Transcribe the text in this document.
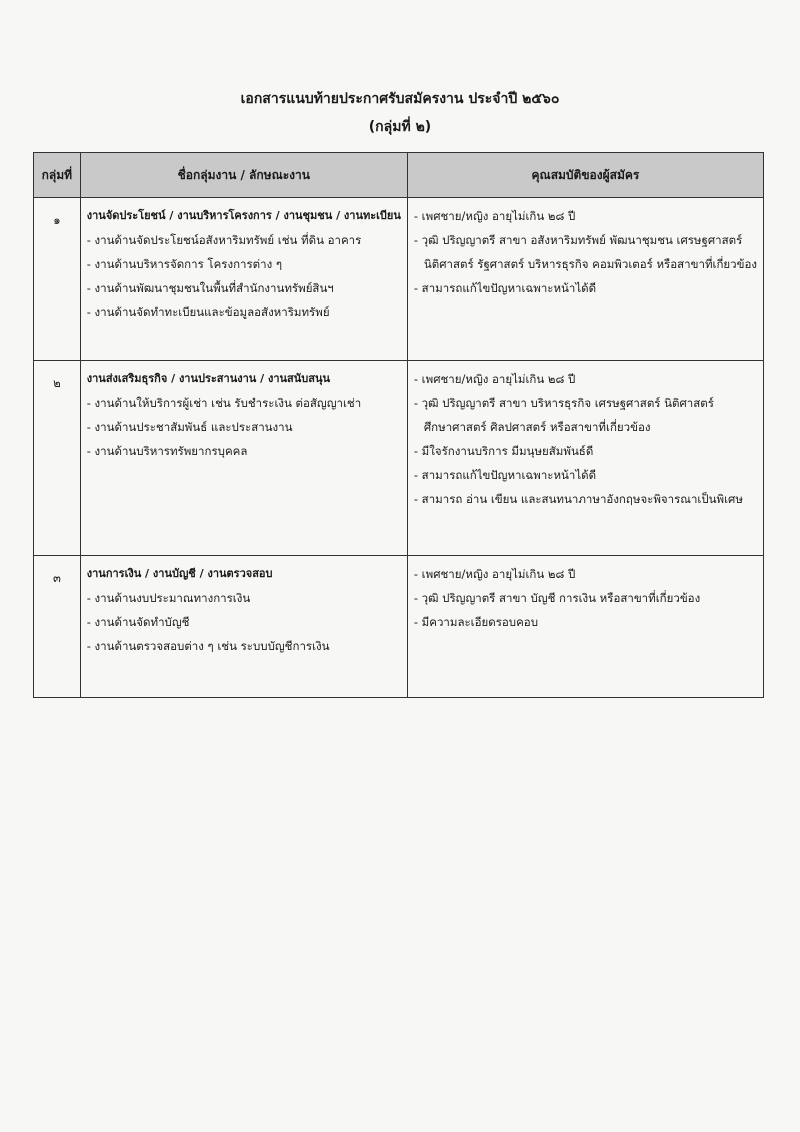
เอกสารแนบท้ายประกาศรับสมัครงาน ประจำปี ๒๕๖๐
(กลุ่มที่ ๒)
กลุ่มที่	ชื่อกลุ่มงาน / ลักษณะงาน	คุณสมบัติของผู้สมัคร

๑	งานจัดประโยชน์ / งานบริหารโครงการ / งานชุมชน / งานทะเบียน
- งานด้านจัดประโยชน์อสังหาริมทรัพย์ เช่น ที่ดิน อาคาร
- งานด้านบริหารจัดการ โครงการต่าง ๆ
- งานด้านพัฒนาชุมชนในพื้นที่สำนักงานทรัพย์สินฯ
- งานด้านจัดทำทะเบียนและข้อมูลอสังหาริมทรัพย์

- เพศชาย/หญิง อายุไม่เกิน ๒๘ ปี
- วุฒิ ปริญญาตรี สาขา อสังหาริมทรัพย์ พัฒนาชุมชน เศรษฐศาสตร์
นิติศาสตร์ รัฐศาสตร์ บริหารธุรกิจ คอมพิวเตอร์ หรือสาขาที่เกี่ยวข้อง
- สามารถแก้ไขปัญหาเฉพาะหน้าได้ดี

๒	งานส่งเสริมธุรกิจ / งานประสานงาน / งานสนับสนุน
- งานด้านให้บริการผู้เช่า เช่น รับชำระเงิน ต่อสัญญาเช่า
- งานด้านประชาสัมพันธ์ และประสานงาน
- งานด้านบริหารทรัพยากรบุคคล

- เพศชาย/หญิง อายุไม่เกิน ๒๘ ปี
- วุฒิ ปริญญาตรี สาขา บริหารธุรกิจ เศรษฐศาสตร์ นิติศาสตร์
ศึกษาศาสตร์ ศิลปศาสตร์ หรือสาขาที่เกี่ยวข้อง
- มีใจรักงานบริการ มีมนุษยสัมพันธ์ดี
- สามารถแก้ไขปัญหาเฉพาะหน้าได้ดี
- สามารถ อ่าน เขียน และสนทนาภาษาอังกฤษจะพิจารณาเป็นพิเศษ

๓	งานการเงิน / งานบัญชี / งานตรวจสอบ
- งานด้านงบประมาณทางการเงิน
- งานด้านจัดทำบัญชี
- งานด้านตรวจสอบต่าง ๆ เช่น ระบบบัญชีการเงิน

- เพศชาย/หญิง อายุไม่เกิน ๒๘ ปี
- วุฒิ ปริญญาตรี สาขา บัญชี การเงิน หรือสาขาที่เกี่ยวข้อง
- มีความละเอียดรอบคอบ
